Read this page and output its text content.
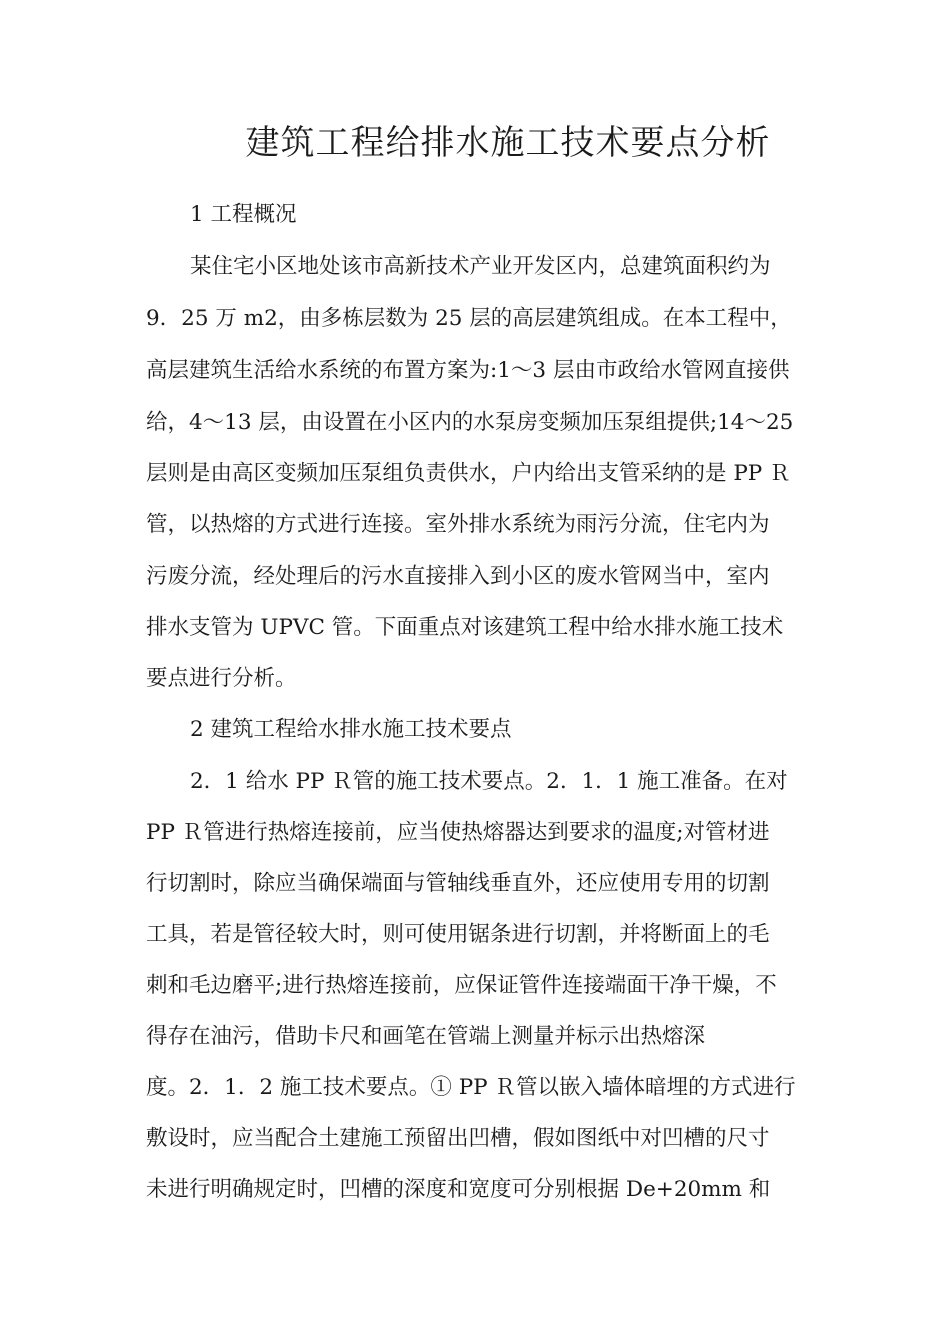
建筑工程给排水施工技术要点分析

1 工程概况

某住宅小区地处该市高新技术产业开发区内，总建筑面积约为

9．25 万 m2，由多栋层数为 25 层的高层建筑组成。在本工程中，

高层建筑生活给水系统的布置方案为:1～3 层由市政给水管网直接供

给，4～13 层，由设置在小区内的水泵房变频加压泵组提供;14～25

层则是由高区变频加压泵组负责供水，户内给出支管采纳的是 PP Ｒ

管，以热熔的方式进行连接。室外排水系统为雨污分流，住宅内为

污废分流，经处理后的污水直接排入到小区的废水管网当中，室内

排水支管为 UPVC 管。下面重点对该建筑工程中给水排水施工技术

要点进行分析。

2 建筑工程给水排水施工技术要点

2．1 给水 PP Ｒ管的施工技术要点。2．1．1 施工准备。在对

PP Ｒ管进行热熔连接前，应当使热熔器达到要求的温度;对管材进

行切割时，除应当确保端面与管轴线垂直外，还应使用专用的切割

工具，若是管径较大时，则可使用锯条进行切割，并将断面上的毛

刺和毛边磨平;进行热熔连接前，应保证管件连接端面干净干燥，不

得存在油污，借助卡尺和画笔在管端上测量并标示出热熔深

度。2．1．2 施工技术要点。① PP Ｒ管以嵌入墙体暗埋的方式进行

敷设时，应当配合土建施工预留出凹槽，假如图纸中对凹槽的尺寸

未进行明确规定时，凹槽的深度和宽度可分别根据 De+20mm 和
